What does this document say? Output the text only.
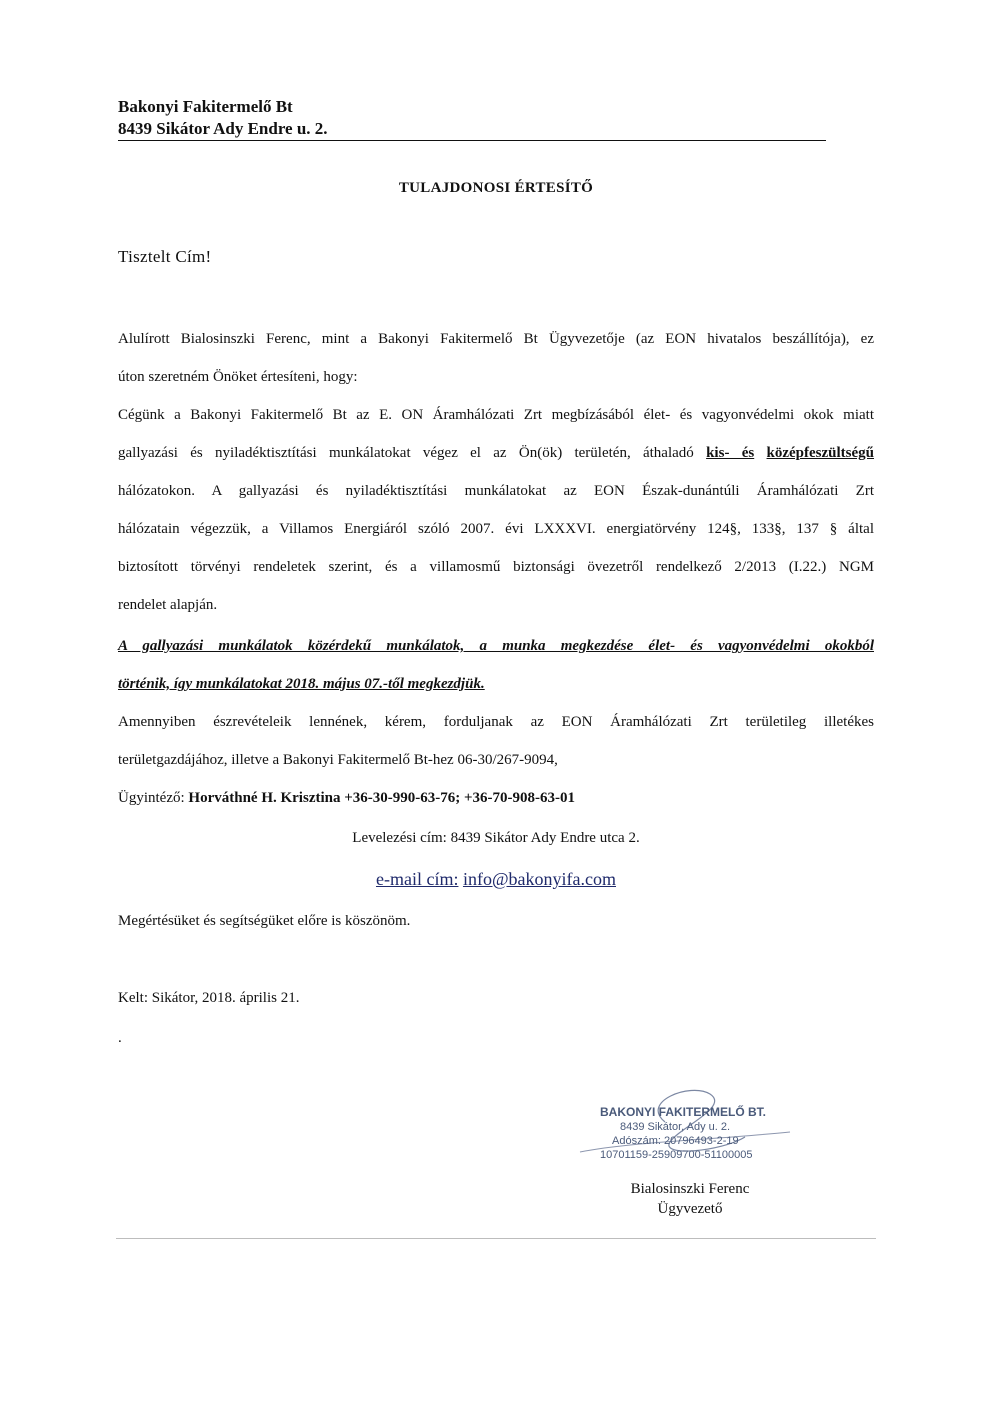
Bakonyi Fakitermelő Bt
8439 Sikátor Ady Endre u. 2.
TULAJDONOSI ÉRTESÍTŐ
Tisztelt Cím!
Alulírott Bialosinszki Ferenc, mint a Bakonyi Fakitermelő Bt Ügyvezetője (az EON hivatalos beszállítója), ez
úton szeretném Önöket értesíteni, hogy:
Cégünk a Bakonyi Fakitermelő Bt az E. ON Áramhálózati Zrt megbízásából élet- és vagyonvédelmi okok miatt
gallyazási és nyiladéktisztítási munkálatokat végez el az Ön(ök) területén, áthaladó kis- és középfeszültségű
hálózatokon. A gallyazási és nyiladéktisztítási munkálatokat az EON Észak-dunántúli Áramhálózati Zrt
hálózatain végezzük, a Villamos Energiáról szóló 2007. évi LXXXVI. energiatörvény 124§, 133§, 137 § által
biztosított törvényi rendeletek szerint, és a villamosmű biztonsági övezetről rendelkező 2/2013 (I.22.) NGM
rendelet alapján.
A gallyazási munkálatok közérdekű munkálatok, a munka megkezdése élet- és vagyonvédelmi okokból
történik, így munkálatokat 2018. május 07.-től megkezdjük.
Amennyiben észrevételeik lennének, kérem, forduljanak az EON Áramhálózati Zrt területileg illetékes
területgazdájához, illetve a Bakonyi Fakitermelő Bt-hez 06-30/267-9094,
Ügyintéző: Horváthné H. Krisztina +36-30-990-63-76; +36-70-908-63-01
Levelezési cím: 8439 Sikátor Ady Endre utca 2.
e-mail cím: info@bakonyifa.com
Megértésüket és segítségüket előre is köszönöm.
Kelt: Sikátor, 2018. április 21.
.
BAKONYI FAKITERMELŐ BT.
8439 Sikátor, Ady u. 2.
Adószám: 20796493-2-19
10701159-25909700-51100005
Bialosinszki Ferenc
Ügyvezető
